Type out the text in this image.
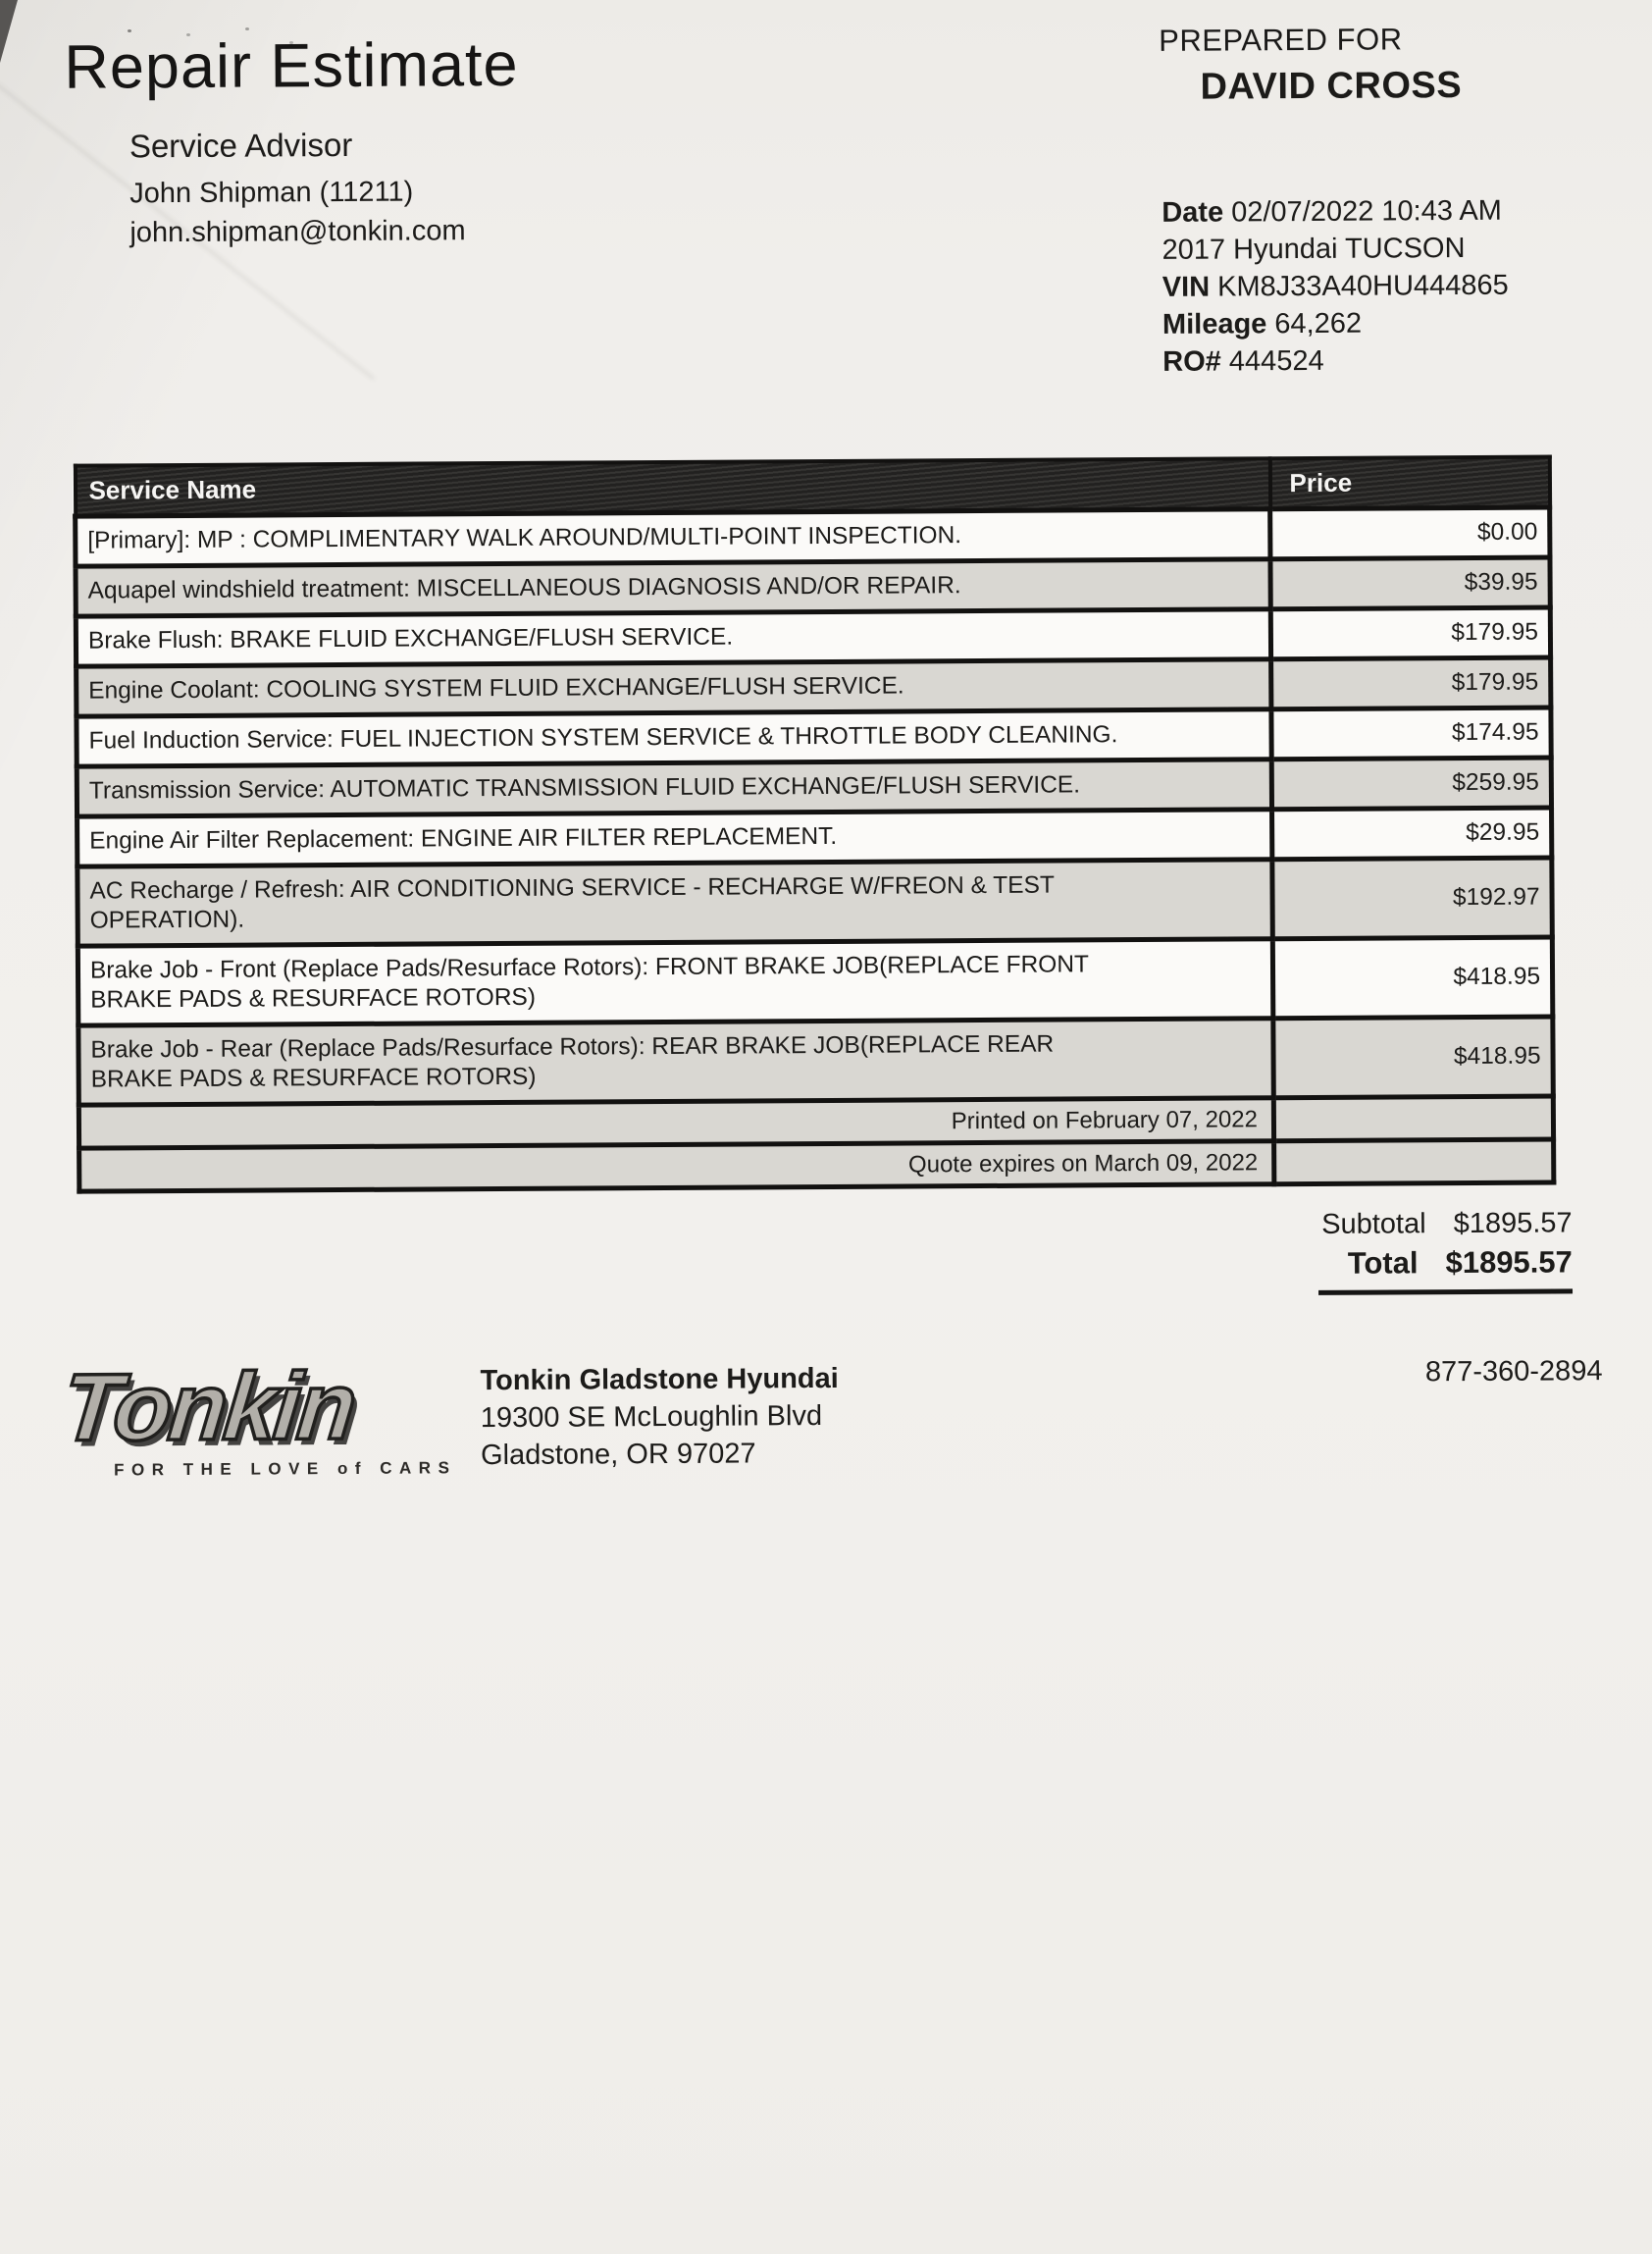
Repair Estimate	PREPARED FOR
DAVID CROSS
Service Advisor
John Shipman (11211)
john.shipman@tonkin.com
Date 02/07/2022 10:43 AM
2017 Hyundai TUCSON
VIN KM8J33A40HU444865
Mileage 64,262
RO# 444524
Service Name	Price
[Primary]: MP : COMPLIMENTARY WALK AROUND/MULTI-POINT INSPECTION.	$0.00
Aquapel windshield treatment: MISCELLANEOUS DIAGNOSIS AND/OR REPAIR.	$39.95
Brake Flush: BRAKE FLUID EXCHANGE/FLUSH SERVICE.	$179.95
Engine Coolant: COOLING SYSTEM FLUID EXCHANGE/FLUSH SERVICE.	$179.95
Fuel Induction Service: FUEL INJECTION SYSTEM SERVICE & THROTTLE BODY CLEANING.	$174.95
Transmission Service: AUTOMATIC TRANSMISSION FLUID EXCHANGE/FLUSH SERVICE.	$259.95
Engine Air Filter Replacement: ENGINE AIR FILTER REPLACEMENT.	$29.95
AC Recharge / Refresh: AIR CONDITIONING SERVICE - RECHARGE W/FREON & TEST OPERATION).	$192.97
Brake Job - Front (Replace Pads/Resurface Rotors): FRONT BRAKE JOB(REPLACE FRONT BRAKE PADS & RESURFACE ROTORS)	$418.95
Brake Job - Rear (Replace Pads/Resurface Rotors): REAR BRAKE JOB(REPLACE REAR BRAKE PADS & RESURFACE ROTORS)	$418.95
Printed on February 07, 2022	
Quote expires on March 09, 2022	
Subtotal $1895.57
Total $1895.57
Tonkin
FOR THE LOVE of CARS
Tonkin Gladstone Hyundai
19300 SE McLoughlin Blvd
Gladstone, OR 97027
877-360-2894
